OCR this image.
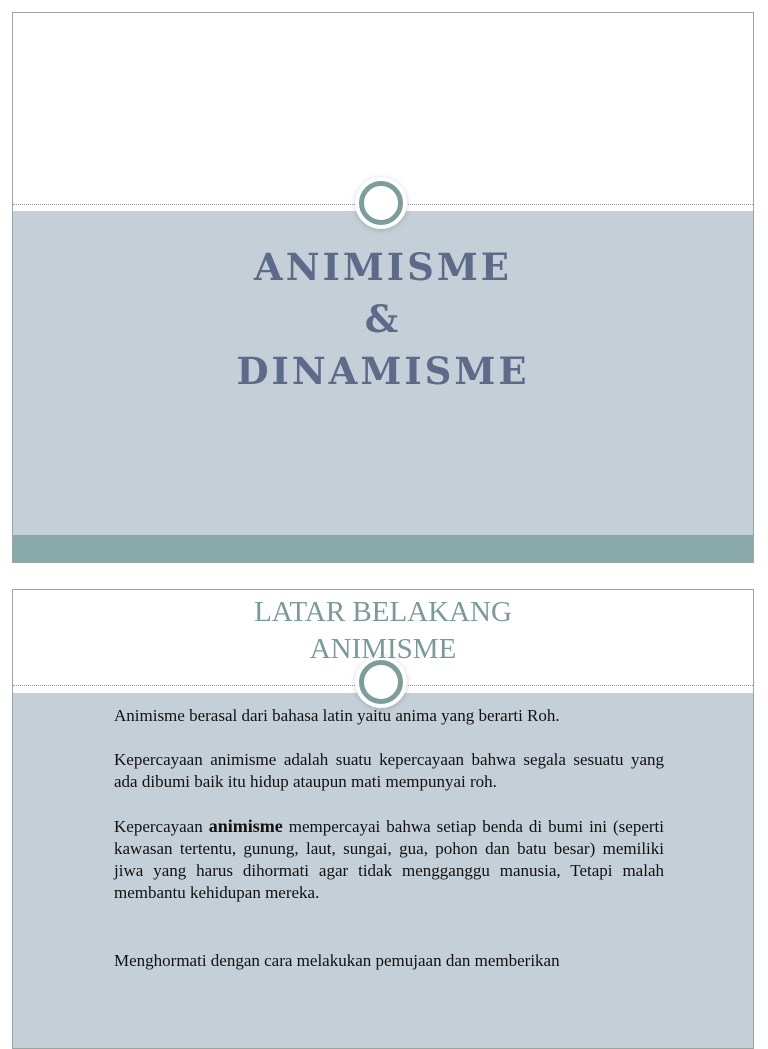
ANIMISME
&
DINAMISME
LATAR BELAKANG
ANIMISME

Animisme berasal dari bahasa latin yaitu anima yang berarti Roh.

Kepercayaan animisme adalah suatu kepercayaan bahwa segala sesuatu yang ada dibumi baik itu hidup ataupun mati mempunyai roh.

Kepercayaan animisme mempercayai bahwa setiap benda di bumi ini (seperti kawasan tertentu, gunung, laut, sungai, gua, pohon dan batu besar) memiliki jiwa yang harus dihormati agar tidak mengganggu manusia, Tetapi malah membantu kehidupan mereka.

Menghormati dengan cara melakukan pemujaan dan memberikan
